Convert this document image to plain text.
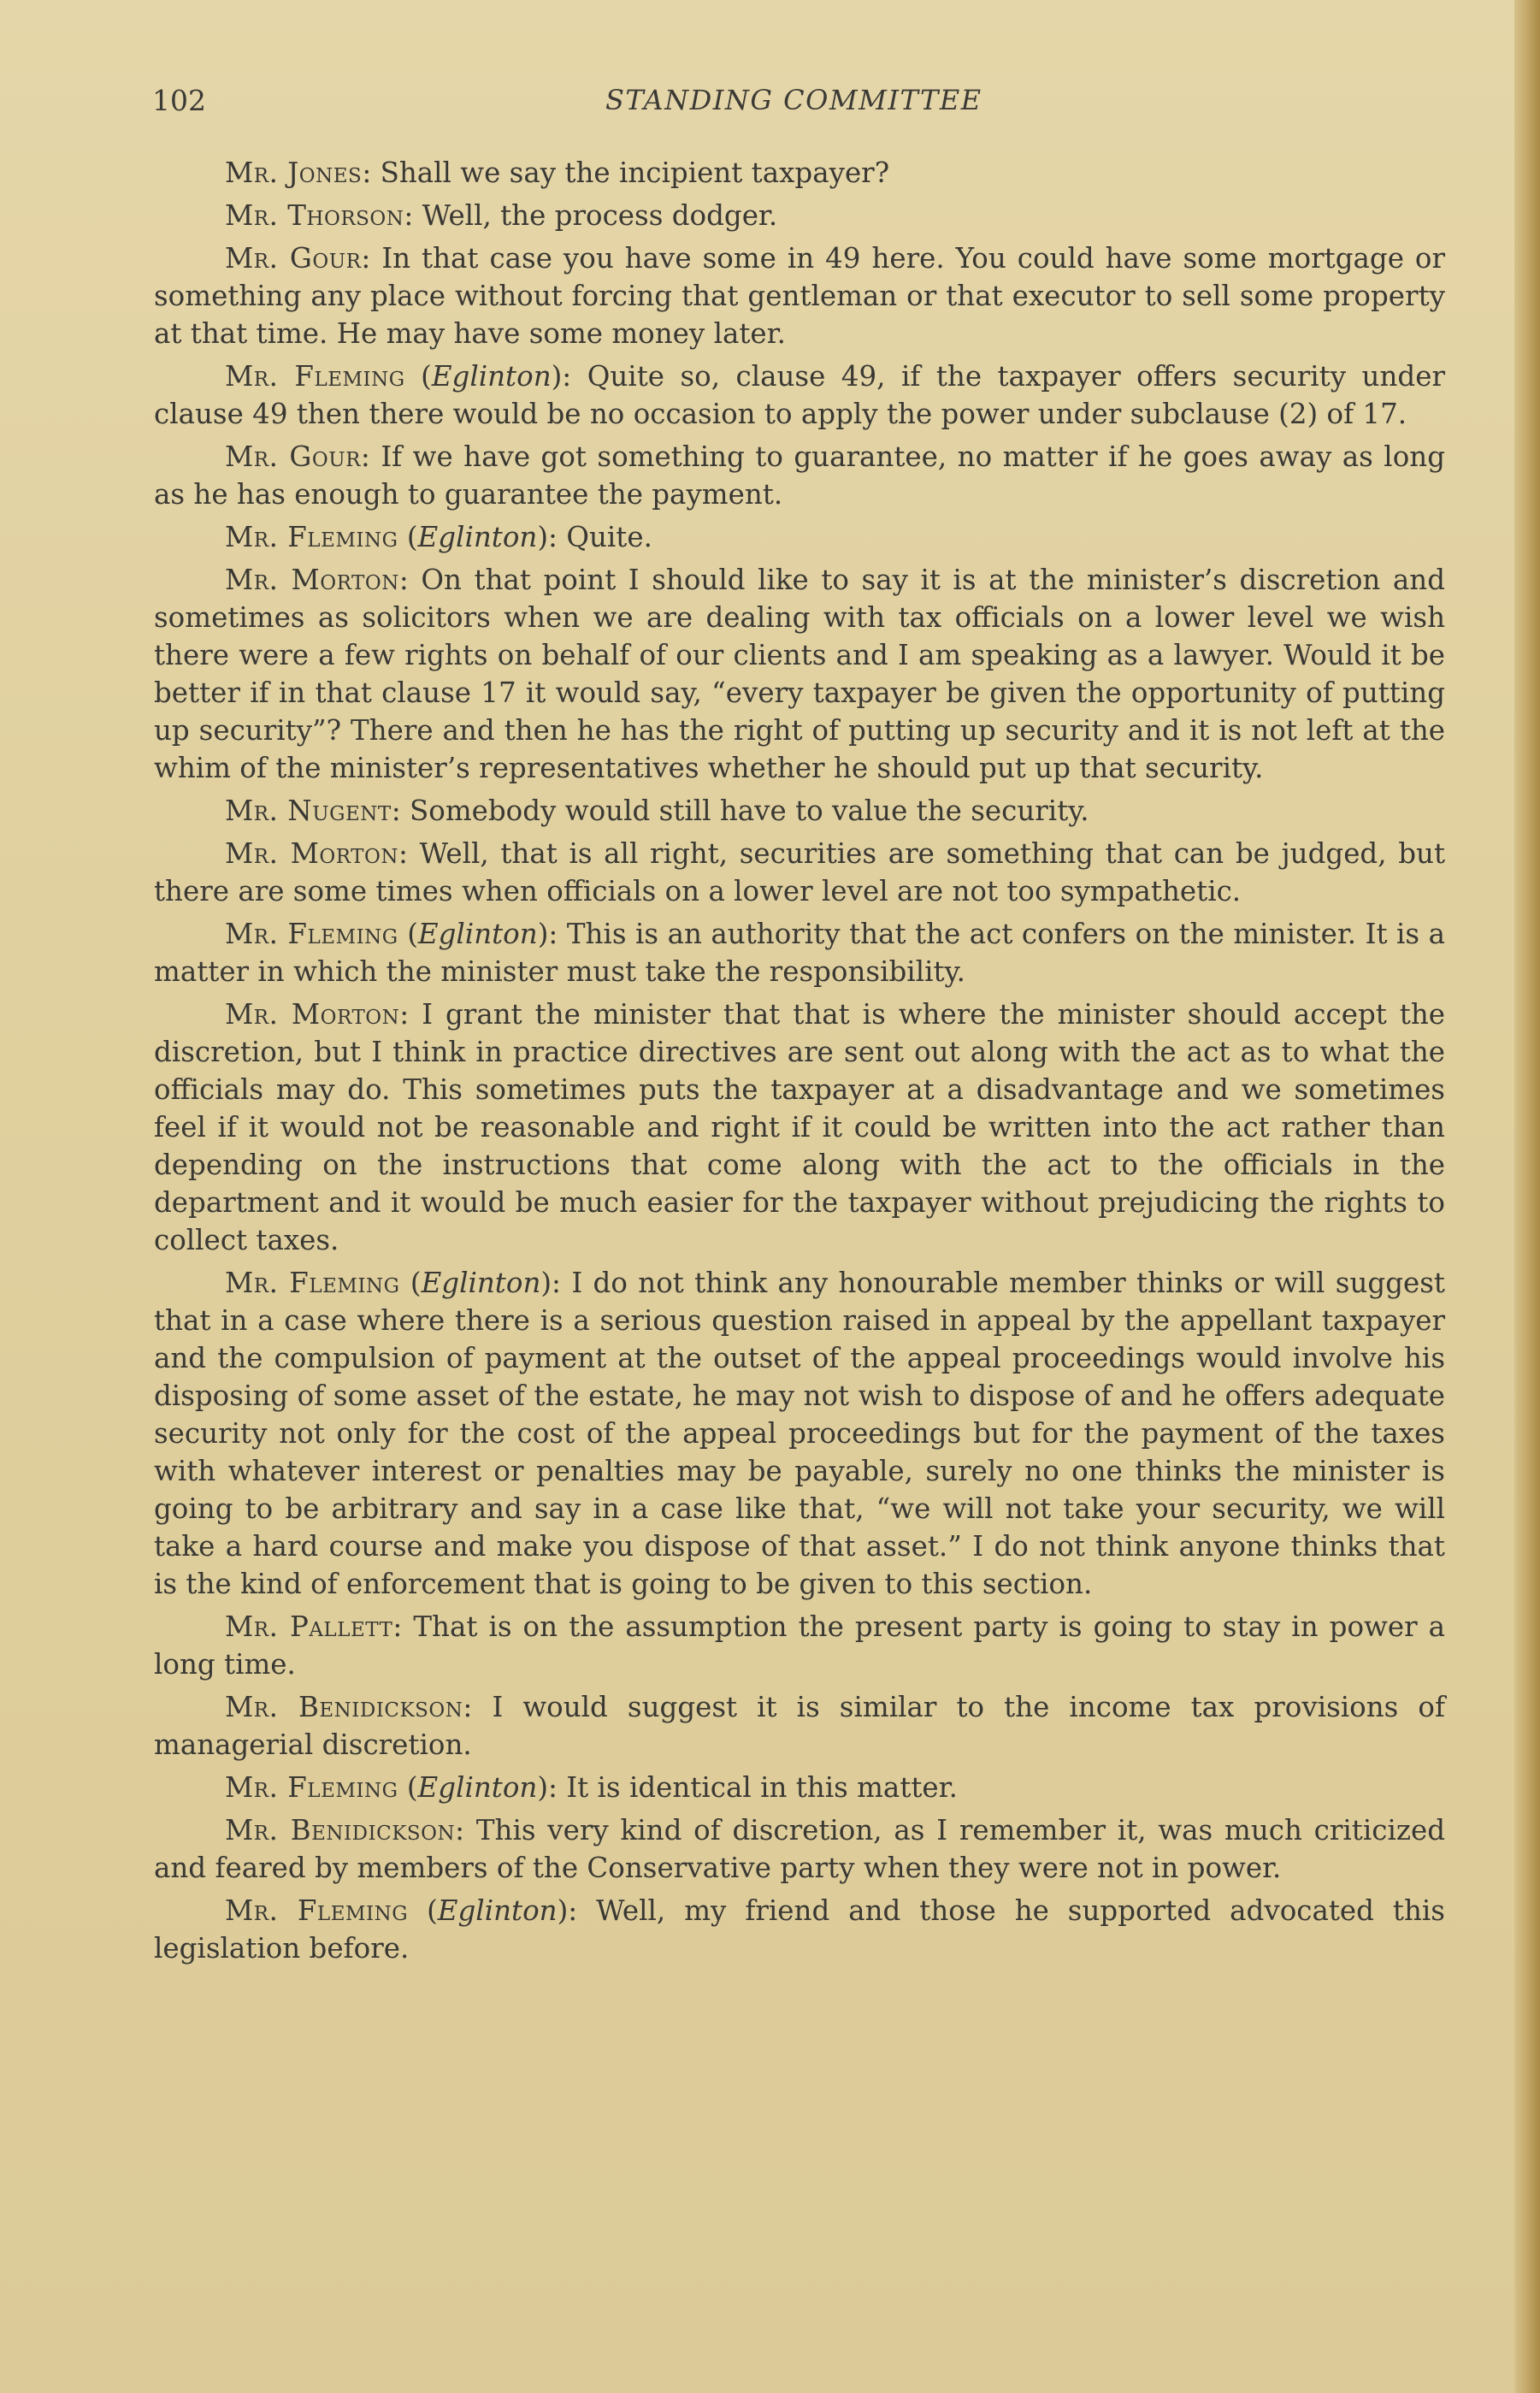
102	STANDING COMMITTEE

Mr. Jones: Shall we say the incipient taxpayer?

Mr. Thorson: Well, the process dodger.

Mr. Gour: In that case you have some in 49 here. You could have some mortgage or something any place without forcing that gentleman or that executor to sell some property at that time. He may have some money later.

Mr. Fleming (Eglinton): Quite so, clause 49, if the taxpayer offers security under clause 49 then there would be no occasion to apply the power under subclause (2) of 17.

Mr. Gour: If we have got something to guarantee, no matter if he goes away as long as he has enough to guarantee the payment.

Mr. Fleming (Eglinton): Quite.

Mr. Morton: On that point I should like to say it is at the minister’s discretion and sometimes as solicitors when we are dealing with tax officials on a lower level we wish there were a few rights on behalf of our clients and I am speaking as a lawyer. Would it be better if in that clause 17 it would say, “every taxpayer be given the opportunity of putting up security”? There and then he has the right of putting up security and it is not left at the whim of the minister’s representatives whether he should put up that security.

Mr. Nugent: Somebody would still have to value the security.

Mr. Morton: Well, that is all right, securities are something that can be judged, but there are some times when officials on a lower level are not too sympathetic.

Mr. Fleming (Eglinton): This is an authority that the act confers on the minister. It is a matter in which the minister must take the responsibility.

Mr. Morton: I grant the minister that that is where the minister should accept the discretion, but I think in practice directives are sent out along with the act as to what the officials may do. This sometimes puts the taxpayer at a disadvantage and we sometimes feel if it would not be reasonable and right if it could be written into the act rather than depending on the instructions that come along with the act to the officials in the department and it would be much easier for the taxpayer without prejudicing the rights to collect taxes.

Mr. Fleming (Eglinton): I do not think any honourable member thinks or will suggest that in a case where there is a serious question raised in appeal by the appellant taxpayer and the compulsion of payment at the outset of the appeal proceedings would involve his disposing of some asset of the estate, he may not wish to dispose of and he offers adequate security not only for the cost of the appeal proceedings but for the payment of the taxes with whatever interest or penalties may be payable, surely no one thinks the minister is going to be arbitrary and say in a case like that, “we will not take your security, we will take a hard course and make you dispose of that asset.” I do not think anyone thinks that is the kind of enforcement that is going to be given to this section.

Mr. Pallett: That is on the assumption the present party is going to stay in power a long time.

Mr. Benidickson: I would suggest it is similar to the income tax provisions of managerial discretion.

Mr. Fleming (Eglinton): It is identical in this matter.

Mr. Benidickson: This very kind of discretion, as I remember it, was much criticized and feared by members of the Conservative party when they were not in power.

Mr. Fleming (Eglinton): Well, my friend and those he supported advocated this legislation before.
